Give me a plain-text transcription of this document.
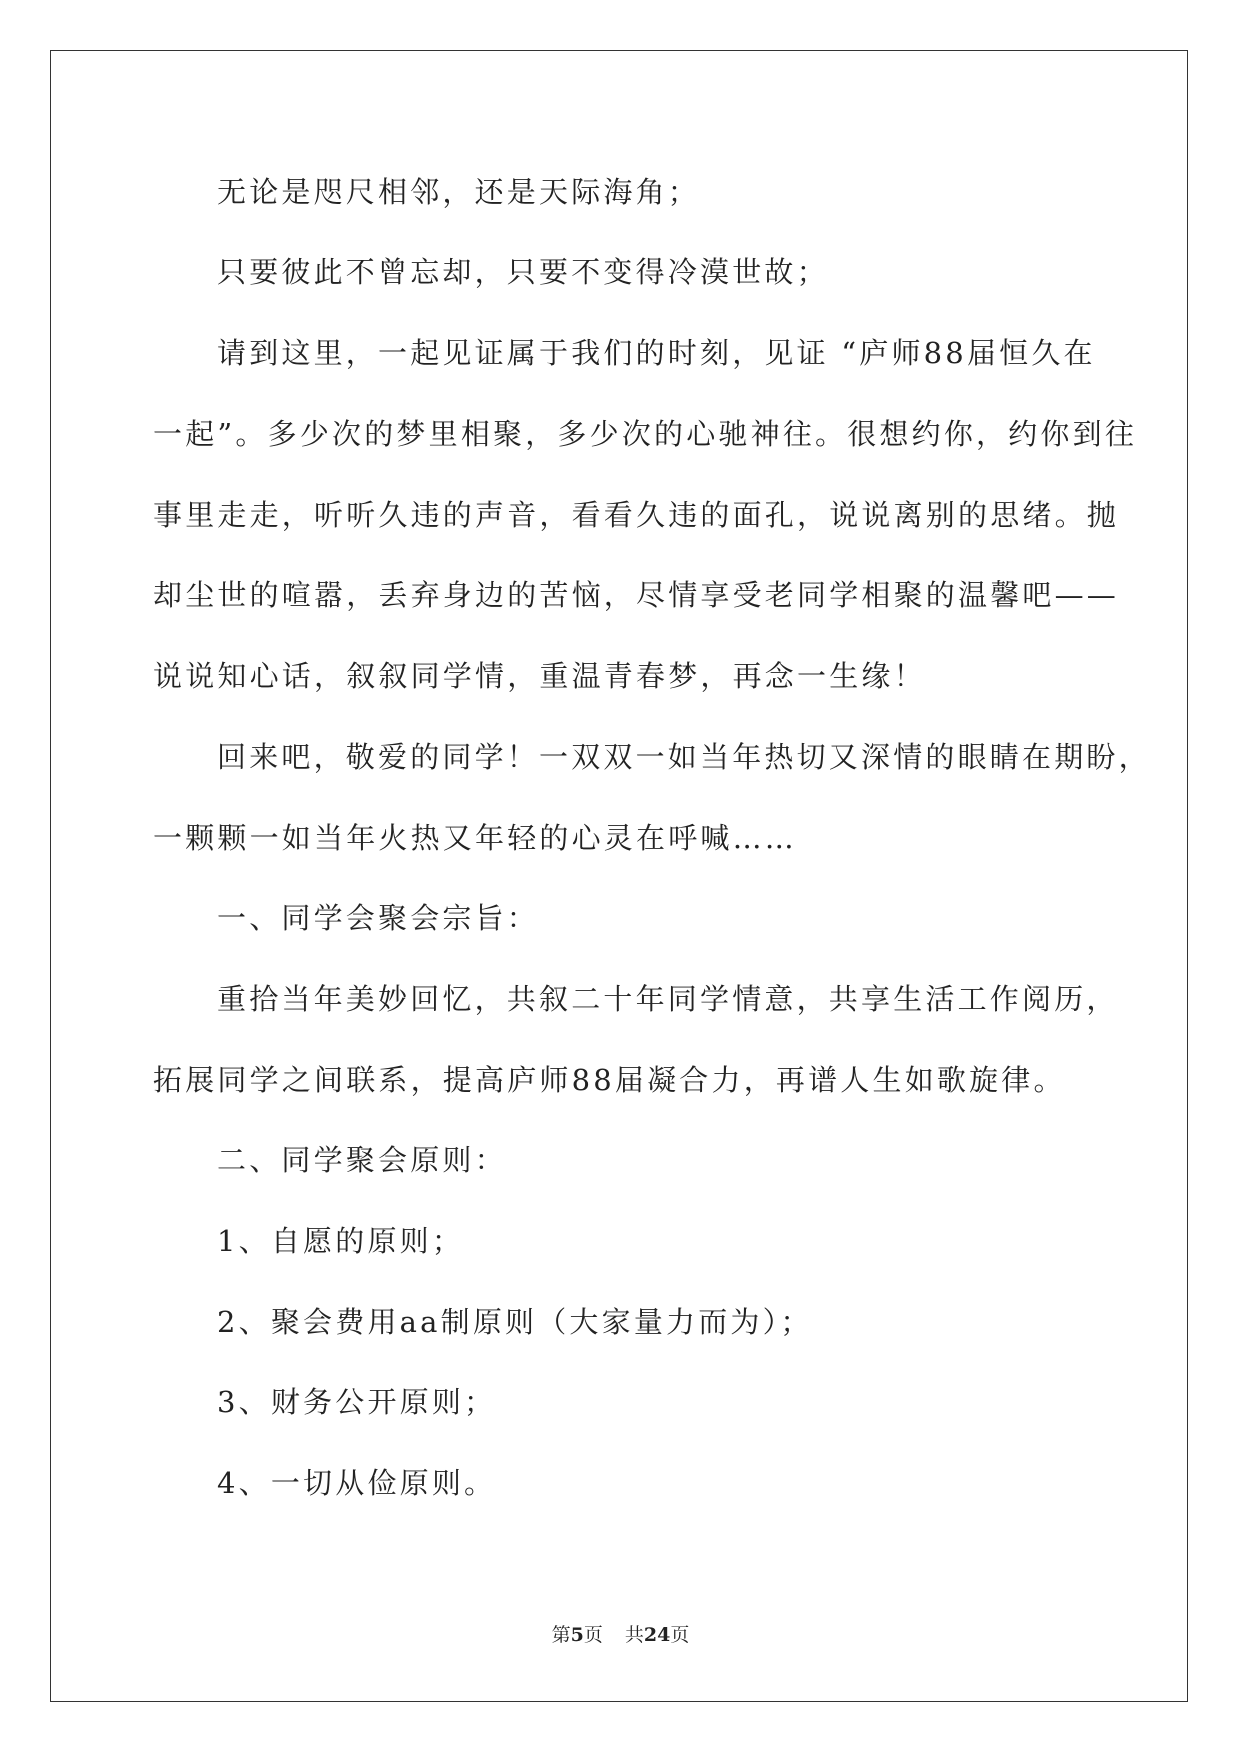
无论是咫尺相邻，还是天际海角；
只要彼此不曾忘却，只要不变得冷漠世故；
请到这里，一起见证属于我们的时刻，见证 “庐师88届恒久在
一起”。多少次的梦里相聚，多少次的心驰神往。很想约你，约你到往
事里走走，听听久违的声音，看看久违的面孔，说说离别的思绪。抛
却尘世的喧嚣，丢弃身边的苦恼，尽情享受老同学相聚的温馨吧——
说说知心话，叙叙同学情，重温青春梦，再念一生缘！
回来吧，敬爱的同学！一双双一如当年热切又深情的眼睛在期盼，
一颗颗一如当年火热又年轻的心灵在呼喊……
一、同学会聚会宗旨：
重拾当年美妙回忆，共叙二十年同学情意，共享生活工作阅历，
拓展同学之间联系，提高庐师88届凝合力，再谱人生如歌旋律。
二、同学聚会原则：
1、自愿的原则；
2、聚会费用aa制原则（大家量力而为）；
3、财务公开原则；
4、一切从俭原则。
第5页 共24页
